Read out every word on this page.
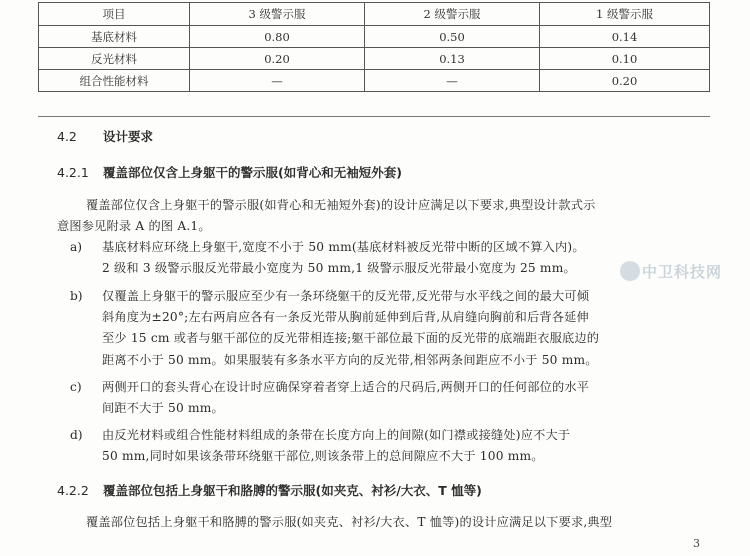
项目	3 级警示服	2 级警示服	1 级警示服
基底材料	0.80	0.50	0.14
反光材料	0.20	0.13	0.10
组合性能材料	—	—	0.20
4.2 设计要求
4.2.1 覆盖部位仅含上身躯干的警示服(如背心和无袖短外套)
覆盖部位仅含上身躯干的警示服(如背心和无袖短外套)的设计应满足以下要求,典型设计款式示
意图参见附录 A 的图 A.1。
a) 基底材料应环绕上身躯干,宽度不小于 50 mm(基底材料被反光带中断的区域不算入内)。
2 级和 3 级警示服反光带最小宽度为 50 mm,1 级警示服反光带最小宽度为 25 mm。
b) 仅覆盖上身躯干的警示服应至少有一条环绕躯干的反光带,反光带与水平线之间的最大可倾
斜角度为±20°;左右两肩应各有一条反光带从胸前延伸到后背,从肩缝向胸前和后背各延伸
至少 15 cm 或者与躯干部位的反光带相连接;躯干部位最下面的反光带的底端距衣服底边的
距离不小于 50 mm。如果服装有多条水平方向的反光带,相邻两条间距应不小于 50 mm。
c) 两侧开口的套头背心在设计时应确保穿着者穿上适合的尺码后,两侧开口的任何部位的水平
间距不大于 50 mm。
d) 由反光材料或组合性能材料组成的条带在长度方向上的间隙(如门襟或接缝处)应不大于
50 mm,同时如果该条带环绕躯干部位,则该条带上的总间隙应不大于 100 mm。
4.2.2 覆盖部位包括上身躯干和胳膊的警示服(如夹克、衬衫/大衣、T 恤等)
覆盖部位包括上身躯干和胳膊的警示服(如夹克、衬衫/大衣、T 恤等)的设计应满足以下要求,典型
中卫科技网
3
